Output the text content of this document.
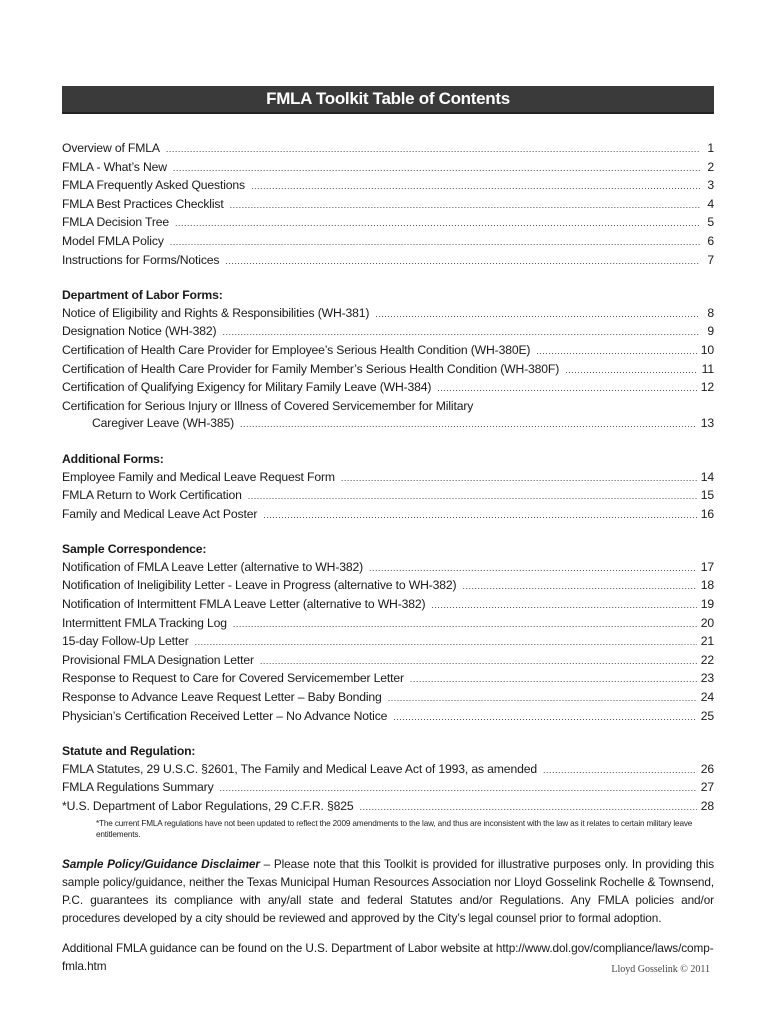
FMLA Toolkit Table of Contents
Overview of FMLA .....	1
FMLA - What’s New .....	2
FMLA Frequently Asked Questions .....	3
FMLA Best Practices Checklist .....	4
FMLA Decision Tree .....	5
Model FMLA Policy .....	6
Instructions for Forms/Notices .....	7
Department of Labor Forms:
Notice of Eligibility and Rights & Responsibilities (WH-381) .....	8
Designation Notice (WH-382) .....	9
Certification of Health Care Provider for Employee’s Serious Health Condition (WH-380E) .....	10
Certification of Health Care Provider for Family Member’s Serious Health Condition (WH-380F) .....	11
Certification of Qualifying Exigency for Military Family Leave (WH-384) .....	12
Certification for Serious Injury or Illness of Covered Servicemember for Military
Caregiver Leave (WH-385) .....	13
Additional Forms:
Employee Family and Medical Leave Request Form .....	14
FMLA Return to Work Certification .....	15
Family and Medical Leave Act Poster .....	16
Sample Correspondence:
Notification of FMLA Leave Letter (alternative to WH-382) .....	17
Notification of Ineligibility Letter - Leave in Progress (alternative to WH-382) .....	18
Notification of Intermittent FMLA Leave Letter (alternative to WH-382) .....	19
Intermittent FMLA Tracking Log .....	20
15-day Follow-Up Letter .....	21
Provisional FMLA Designation Letter .....	22
Response to Request to Care for Covered Servicemember Letter .....	23
Response to Advance Leave Request Letter – Baby Bonding .....	24
Physician’s Certification Received Letter – No Advance Notice .....	25
Statute and Regulation:
FMLA Statutes, 29 U.S.C. §2601, The Family and Medical Leave Act of 1993, as amended .....	26
FMLA Regulations Summary .....	27
*U.S. Department of Labor Regulations, 29 C.F.R. §825 .....	28
*The current FMLA regulations have not been updated to reflect the 2009 amendments to the law, and thus are inconsistent with the law as it relates to certain military leave entitlements.
Sample Policy/Guidance Disclaimer – Please note that this Toolkit is provided for illustrative purposes only. In providing this sample policy/guidance, neither the Texas Municipal Human Resources Association nor Lloyd Gosselink Rochelle & Townsend, P.C. guarantees its compliance with any/all state and federal Statutes and/or Regulations. Any FMLA policies and/or procedures developed by a city should be reviewed and approved by the City’s legal counsel prior to formal adoption.
Additional FMLA guidance can be found on the U.S. Department of Labor website at http://www.dol.gov/compliance/laws/comp-fmla.htm	Lloyd Gosselink © 2011
